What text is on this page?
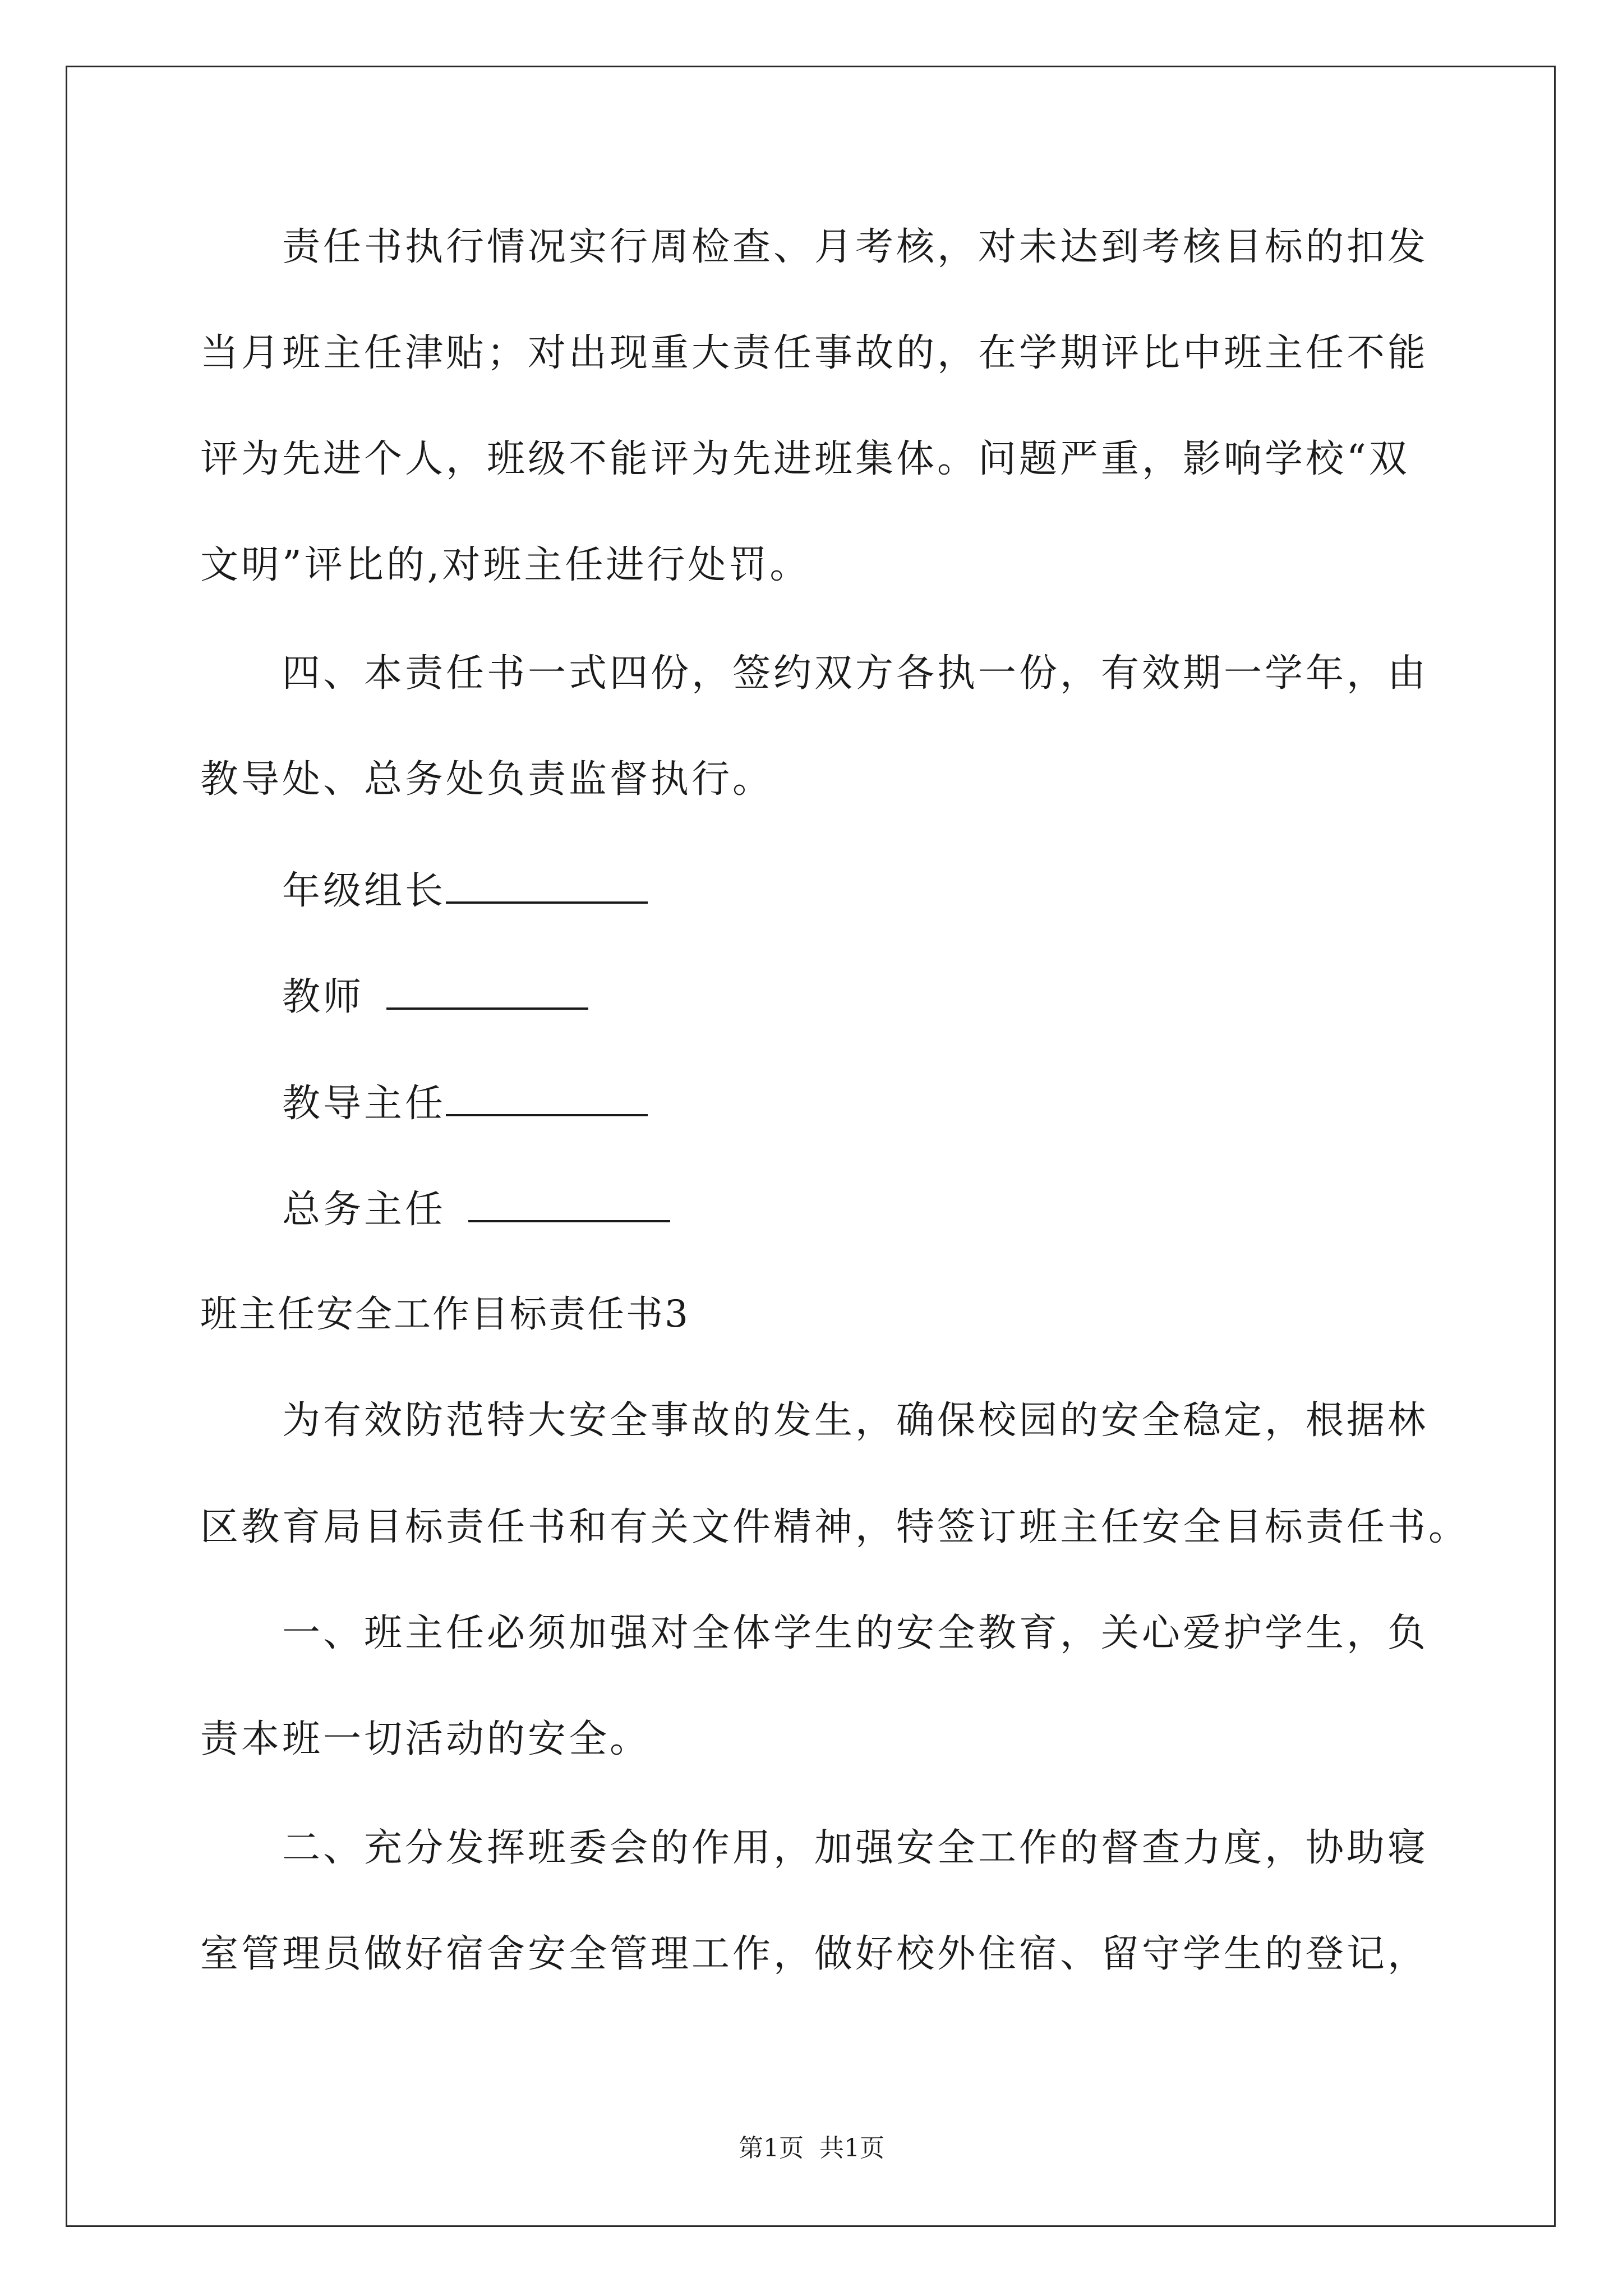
责任书执行情况实行周检查、月考核，对未达到考核目标的扣发

当月班主任津贴；对出现重大责任事故的，在学期评比中班主任不能

评为先进个人，班级不能评为先进班集体。问题严重，影响学校“双

文明”评比的,对班主任进行处罚。

四、本责任书一式四份，签约双方各执一份，有效期一学年，由

教导处、总务处负责监督执行。

年级组长
教师
教导主任
总务主任

班主任安全工作目标责任书3

为有效防范特大安全事故的发生，确保校园的安全稳定，根据林

区教育局目标责任书和有关文件精神，特签订班主任安全目标责任书。

一、班主任必须加强对全体学生的安全教育，关心爱护学生，负

责本班一切活动的安全。

二、充分发挥班委会的作用，加强安全工作的督查力度，协助寝

室管理员做好宿舍安全管理工作，做好校外住宿、留守学生的登记，

第1页 共1页
